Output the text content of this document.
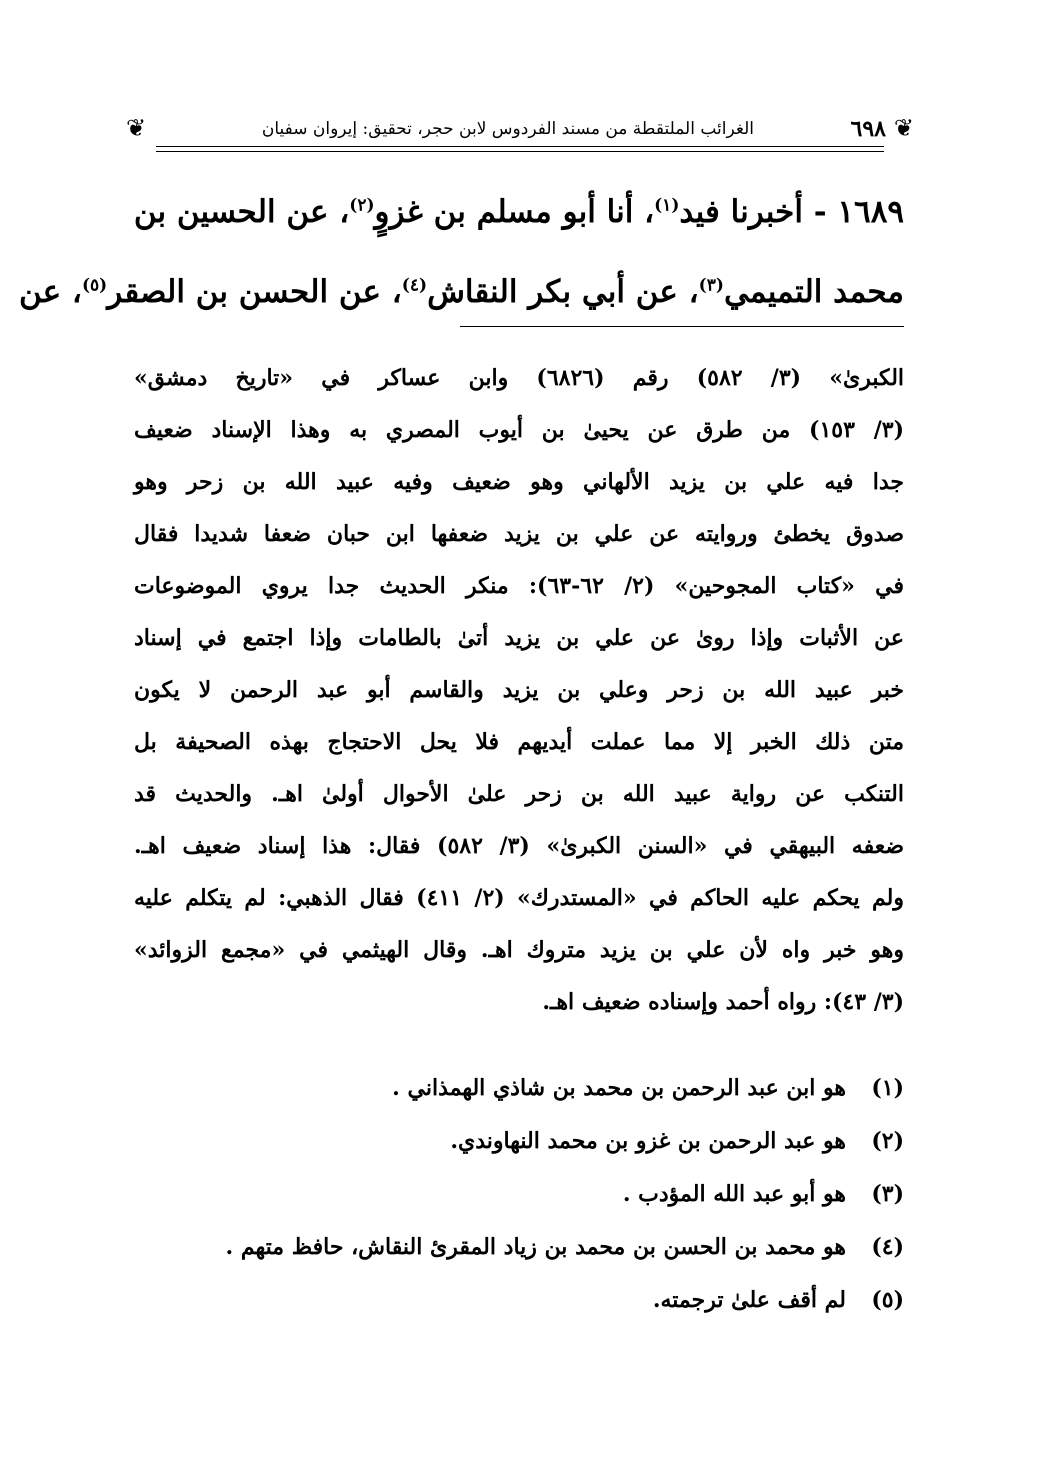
❦
٦٩٨
الغرائب الملتقطة من مسند الفردوس لابن حجر، تحقيق: إيروان سفيان
❦
١٦٨٩ - أخبرنا فيد$^{(١)}$، أنا أبو مسلم بن غزوٍ$^{(٢)}$، عن الحسين بن
محمد التميمي$^{(٣)}$، عن أبي بكر النقاش$^{(٤)}$، عن الحسن بن الصقر$^{(٥)}$، عن
الكبرىٰ» (٣/ ٥٨٢) رقم (٦٨٢٦) وابن عساكر في «تاريخ دمشق»
(٣/ ١٥٣) من طرق عن يحيىٰ بن أيوب المصري به وهذا الإسناد ضعيف
جدا فيه علي بن يزيد الألهاني وهو ضعيف وفيه عبيد الله بن زحر وهو
صدوق يخطئ وروايته عن علي بن يزيد ضعفها ابن حبان ضعفا شديدا فقال
في «كتاب المجوحين» (٢/ ٦٢-٦٣): منكر الحديث جدا يروي الموضوعات
عن الأثبات وإذا روىٰ عن علي بن يزيد أتىٰ بالطامات وإذا اجتمع في إسناد
خبر عبيد الله بن زحر وعلي بن يزيد والقاسم أبو عبد الرحمن لا يكون
متن ذلك الخبر إلا مما عملت أيديهم فلا يحل الاحتجاج بهذه الصحيفة بل
التنكب عن رواية عبيد الله بن زحر علىٰ الأحوال أولىٰ اهـ. والحديث قد
ضعفه البيهقي في «السنن الكبرىٰ» (٣/ ٥٨٢) فقال: هذا إسناد ضعيف اهـ.
ولم يحكم عليه الحاكم في «المستدرك» (٢/ ٤١١) فقال الذهبي: لم يتكلم عليه
وهو خبر واه لأن علي بن يزيد متروك اهـ. وقال الهيثمي في «مجمع الزوائد»
(٣/ ٤٣): رواه أحمد وإسناده ضعيف اهـ.
(١)
هو ابن عبد الرحمن بن محمد بن شاذي الهمذاني .
(٢)
هو عبد الرحمن بن غزو بن محمد النهاوندي.
(٣)
هو أبو عبد الله المؤدب .
(٤)
هو محمد بن الحسن بن محمد بن زياد المقرئ النقاش، حافظ متهم .
(٥)
لم أقف علىٰ ترجمته.
